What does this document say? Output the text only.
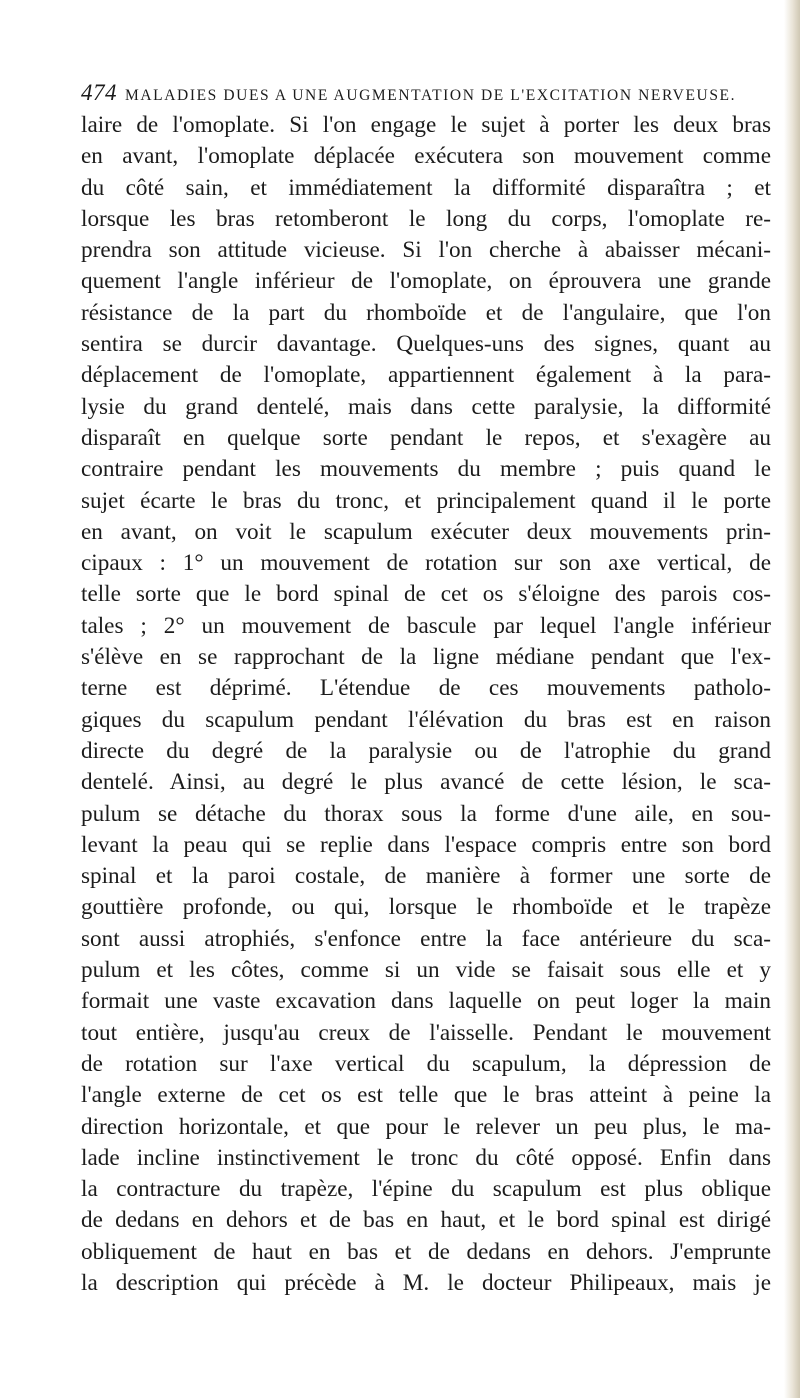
474 MALADIES DUES A UNE AUGMENTATION DE L'EXCITATION NERVEUSE.
laire de l'omoplate. Si l'on engage le sujet à porter les deux bras
en avant, l'omoplate déplacée exécutera son mouvement comme
du côté sain, et immédiatement la difformité disparaîtra ; et
lorsque les bras retomberont le long du corps, l'omoplate re-
prendra son attitude vicieuse. Si l'on cherche à abaisser mécani-
quement l'angle inférieur de l'omoplate, on éprouvera une grande
résistance de la part du rhomboïde et de l'angulaire, que l'on
sentira se durcir davantage. Quelques-uns des signes, quant au
déplacement de l'omoplate, appartiennent également à la para-
lysie du grand dentelé, mais dans cette paralysie, la difformité
disparaît en quelque sorte pendant le repos, et s'exagère au
contraire pendant les mouvements du membre ; puis quand le
sujet écarte le bras du tronc, et principalement quand il le porte
en avant, on voit le scapulum exécuter deux mouvements prin-
cipaux : 1° un mouvement de rotation sur son axe vertical, de
telle sorte que le bord spinal de cet os s'éloigne des parois cos-
tales ; 2° un mouvement de bascule par lequel l'angle inférieur
s'élève en se rapprochant de la ligne médiane pendant que l'ex-
terne est déprimé. L'étendue de ces mouvements patholo-
giques du scapulum pendant l'élévation du bras est en raison
directe du degré de la paralysie ou de l'atrophie du grand
dentelé. Ainsi, au degré le plus avancé de cette lésion, le sca-
pulum se détache du thorax sous la forme d'une aile, en sou-
levant la peau qui se replie dans l'espace compris entre son bord
spinal et la paroi costale, de manière à former une sorte de
gouttière profonde, ou qui, lorsque le rhomboïde et le trapèze
sont aussi atrophiés, s'enfonce entre la face antérieure du sca-
pulum et les côtes, comme si un vide se faisait sous elle et y
formait une vaste excavation dans laquelle on peut loger la main
tout entière, jusqu'au creux de l'aisselle. Pendant le mouvement
de rotation sur l'axe vertical du scapulum, la dépression de
l'angle externe de cet os est telle que le bras atteint à peine la
direction horizontale, et que pour le relever un peu plus, le ma-
lade incline instinctivement le tronc du côté opposé. Enfin dans
la contracture du trapèze, l'épine du scapulum est plus oblique
de dedans en dehors et de bas en haut, et le bord spinal est dirigé
obliquement de haut en bas et de dedans en dehors. J'emprunte
la description qui précède à M. le docteur Philipeaux, mais je
